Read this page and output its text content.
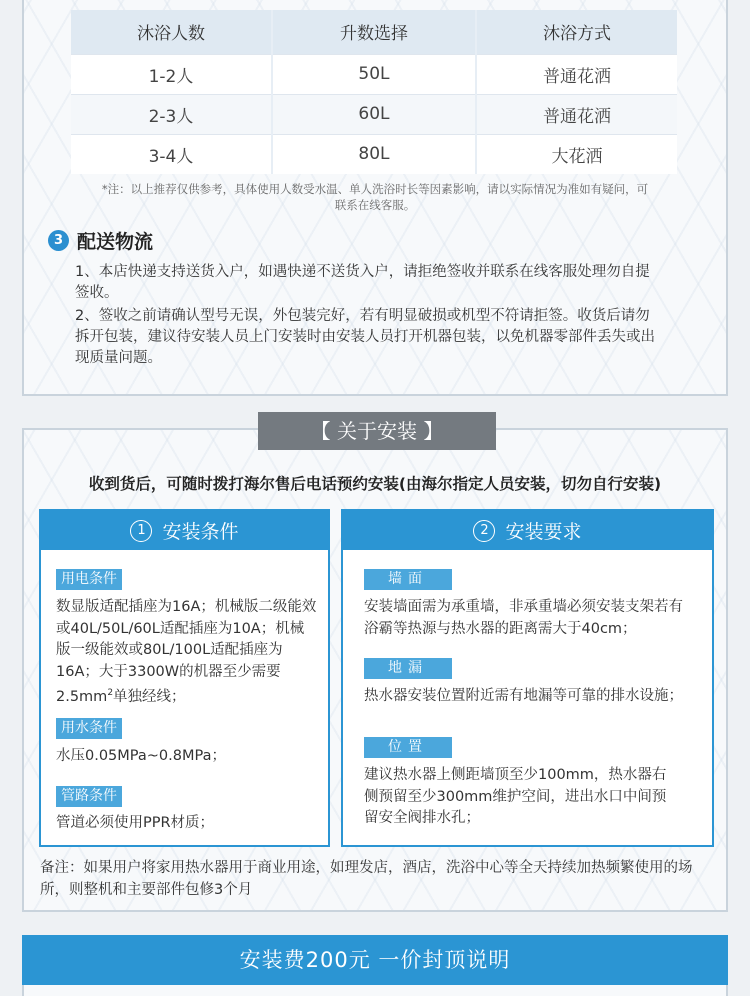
沐浴人数	升数选择	沐浴方式
1-2人	50L	普通花洒
2-3人	60L	普通花洒
3-4人	80L	大花洒
*注：以上推荐仅供参考，具体使用人数受水温、单人洗浴时长等因素影响，请以实际情况为准如有疑问，可联系在线客服。
3 配送物流
1、本店快递支持送货入户，如遇快递不送货入户，请拒绝签收并联系在线客服处理勿自提签收。
2、签收之前请确认型号无误，外包装完好，若有明显破损或机型不符请拒签。收货后请勿拆开包装，建议待安装人员上门安装时由安装人员打开机器包装，以免机器零部件丢失或出现质量问题。
【 关于安装 】
收到货后，可随时拨打海尔售后电话预约安装(由海尔指定人员安装，切勿自行安装)
1 安装条件
用电条件
数显版适配插座为16A；机械版二级能效或40L/50L/60L适配插座为10A；机械版一级能效或80L/100L适配插座为16A；大于3300W的机器至少需要$2.5mm^2$单独经线；
用水条件
水压0.05MPa~0.8MPa；
管路条件
管道必须使用PPR材质；
2 安装要求
墙面
安装墙面需为承重墙，非承重墙必须安装支架若有浴霸等热源与热水器的距离需大于40cm；
地漏
热水器安装位置附近需有地漏等可靠的排水设施；
位置
建议热水器上侧距墙顶至少100mm，热水器右侧预留至少300mm维护空间，进出水口中间预留安全阀排水孔；
备注：如果用户将家用热水器用于商业用途，如理发店，酒店，洗浴中心等全天持续加热频繁使用的场所，则整机和主要部件包修3个月
安装费200元 一价封顶说明
